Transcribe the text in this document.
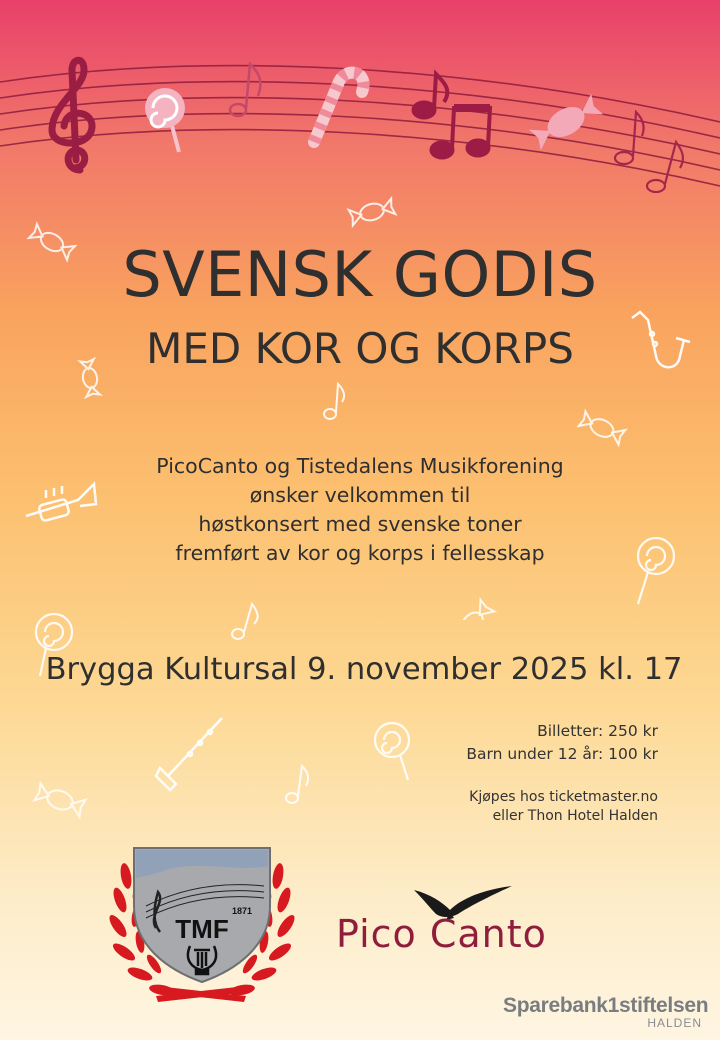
SVENSK GODIS
MED KOR OG KORPS
PicoCanto og Tistedalens Musikforening
ønsker velkommen til
høstkonsert med svenske toner
fremført av kor og korps i fellesskap
Brygga Kultursal 9. november 2025 kl. 17
Billetter: 250 kr
Barn under 12 år: 100 kr
Kjøpes hos ticketmaster.no
eller Thon Hotel Halden
TMF
1871
Pico Canto
Sparebank1stiftelsen
HALDEN
